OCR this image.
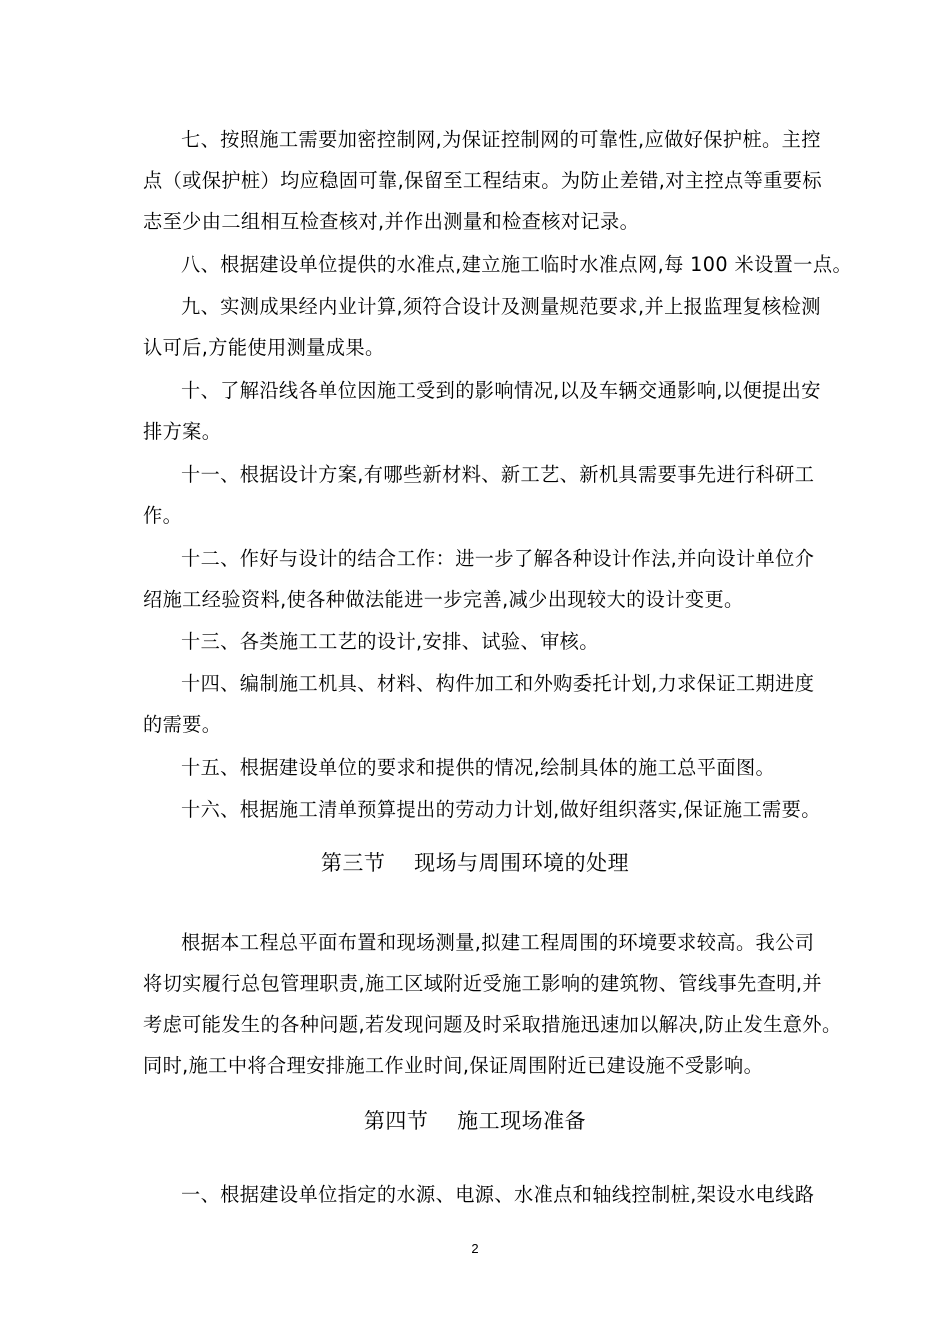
七、按照施工需要加密控制网,为保证控制网的可靠性,应做好保护桩。主控
点（或保护桩）均应稳固可靠,保留至工程结束。为防止差错,对主控点等重要标
志至少由二组相互检查核对,并作出测量和检查核对记录。
八、根据建设单位提供的水准点,建立施工临时水准点网,每 100 米设置一点。
九、实测成果经内业计算,须符合设计及测量规范要求,并上报监理复核检测
认可后,方能使用测量成果。
十、了解沿线各单位因施工受到的影响情况,以及车辆交通影响,以便提出安
排方案。
十一、根据设计方案,有哪些新材料、新工艺、新机具需要事先进行科研工
作。
十二、作好与设计的结合工作：进一步了解各种设计作法,并向设计单位介
绍施工经验资料,使各种做法能进一步完善,减少出现较大的设计变更。
十三、各类施工工艺的设计,安排、试验、审核。
十四、编制施工机具、材料、构件加工和外购委托计划,力求保证工期进度
的需要。
十五、根据建设单位的要求和提供的情况,绘制具体的施工总平面图。
十六、根据施工清单预算提出的劳动力计划,做好组织落实,保证施工需要。
第三节    现场与周围环境的处理
根据本工程总平面布置和现场测量,拟建工程周围的环境要求较高。我公司
将切实履行总包管理职责,施工区域附近受施工影响的建筑物、管线事先查明,并
考虑可能发生的各种问题,若发现问题及时采取措施迅速加以解决,防止发生意外。
同时,施工中将合理安排施工作业时间,保证周围附近已建设施不受影响。
第四节    施工现场准备
一、根据建设单位指定的水源、电源、水准点和轴线控制桩,架设水电线路
2
